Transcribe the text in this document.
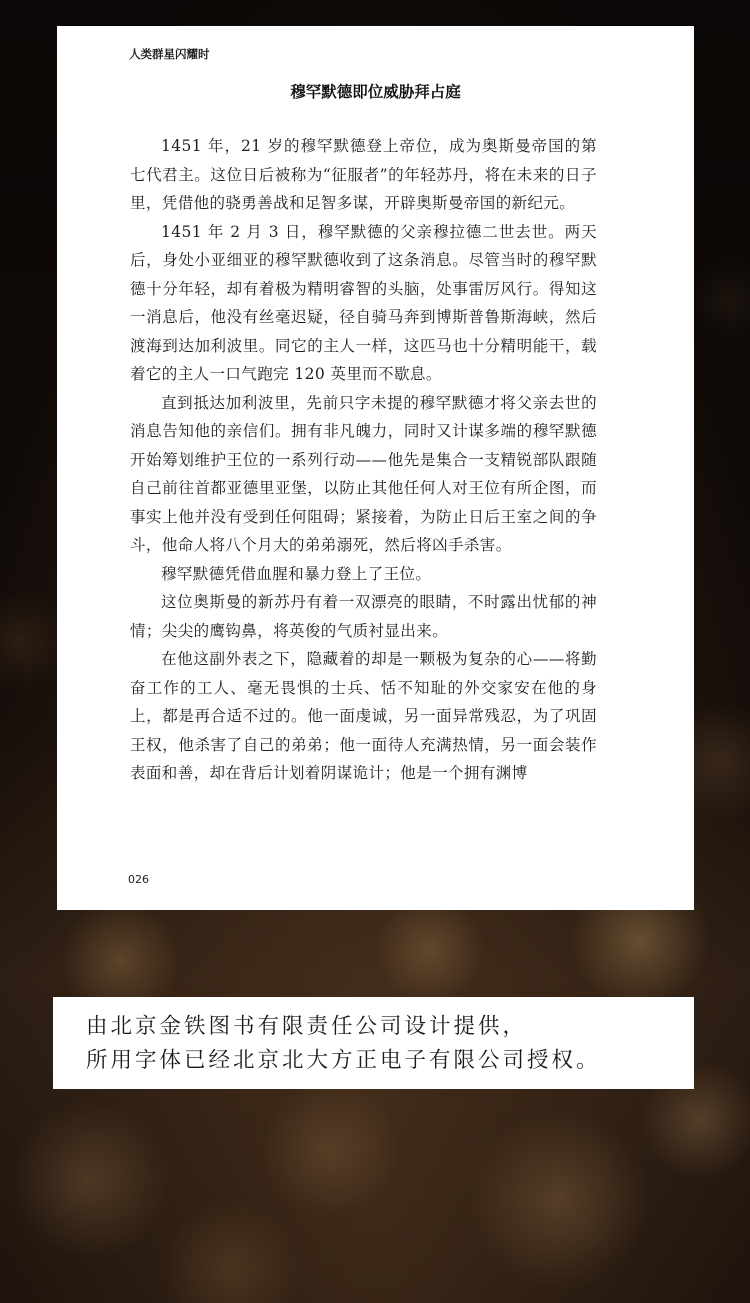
人类群星闪耀时
穆罕默德即位威胁拜占庭

1451 年，21 岁的穆罕默德登上帝位，成为奥斯曼帝国的第七代君主。这位日后被称为“征服者”的年轻苏丹，将在未来的日子里，凭借他的骁勇善战和足智多谋，开辟奥斯曼帝国的新纪元。

1451 年 2 月 3 日，穆罕默德的父亲穆拉德二世去世。两天后，身处小亚细亚的穆罕默德收到了这条消息。尽管当时的穆罕默德十分年轻，却有着极为精明睿智的头脑，处事雷厉风行。得知这一消息后，他没有丝毫迟疑，径自骑马奔到博斯普鲁斯海峡，然后渡海到达加利波里。同它的主人一样，这匹马也十分精明能干，载着它的主人一口气跑完 120 英里而不歇息。

直到抵达加利波里，先前只字未提的穆罕默德才将父亲去世的消息告知他的亲信们。拥有非凡魄力，同时又计谋多端的穆罕默德开始筹划维护王位的一系列行动——他先是集合一支精锐部队跟随自己前往首都亚德里亚堡，以防止其他任何人对王位有所企图，而事实上他并没有受到任何阻碍；紧接着，为防止日后王室之间的争斗，他命人将八个月大的弟弟溺死，然后将凶手杀害。

穆罕默德凭借血腥和暴力登上了王位。

这位奥斯曼的新苏丹有着一双漂亮的眼睛，不时露出忧郁的神情；尖尖的鹰钩鼻，将英俊的气质衬显出来。

在他这副外表之下，隐藏着的却是一颗极为复杂的心——将勤奋工作的工人、毫无畏惧的士兵、恬不知耻的外交家安在他的身上，都是再合适不过的。他一面虔诚，另一面异常残忍，为了巩固王权，他杀害了自己的弟弟；他一面待人充满热情，另一面会装作表面和善，却在背后计划着阴谋诡计；他是一个拥有渊博

026
由北京金铁图书有限责任公司设计提供，
所用字体已经北京北大方正电子有限公司授权。
